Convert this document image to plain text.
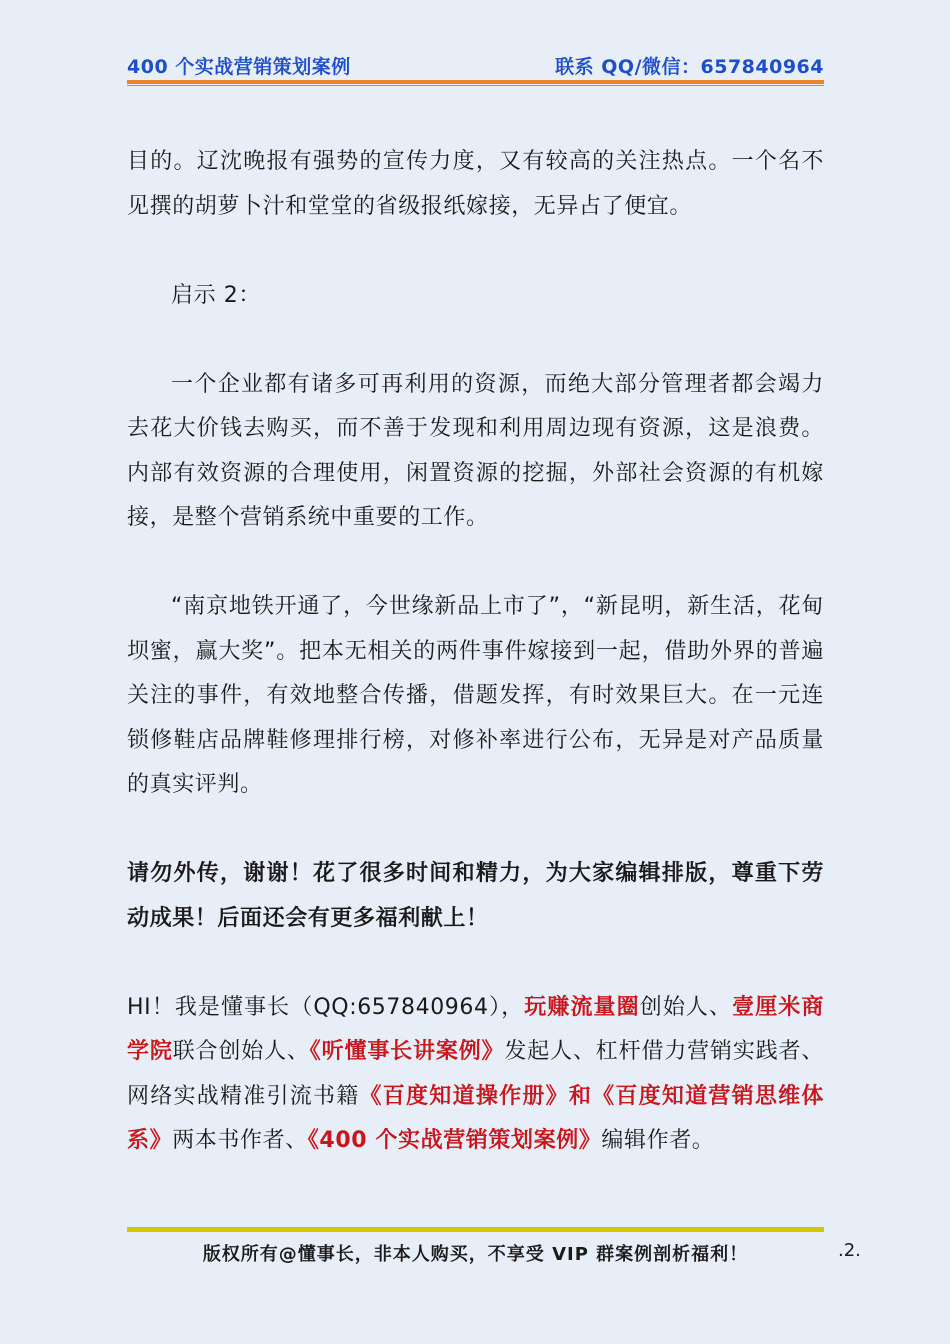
400 个实战营销策划案例	联系 QQ/微信：657840964

目的。辽沈晚报有强势的宣传力度，又有较高的关注热点。一个名不见撰的胡萝卜汁和堂堂的省级报纸嫁接，无异占了便宜。

启示 2：

一个企业都有诸多可再利用的资源，而绝大部分管理者都会竭力去花大价钱去购买，而不善于发现和利用周边现有资源，这是浪费。内部有效资源的合理使用，闲置资源的挖掘，外部社会资源的有机嫁接，是整个营销系统中重要的工作。

“南京地铁开通了，今世缘新品上市了”，“新昆明，新生活，花甸坝蜜，赢大奖”。把本无相关的两件事件嫁接到一起，借助外界的普遍关注的事件，有效地整合传播，借题发挥，有时效果巨大。在一元连锁修鞋店品牌鞋修理排行榜，对修补率进行公布，无异是对产品质量的真实评判。

请勿外传，谢谢！花了很多时间和精力，为大家编辑排版，尊重下劳动成果！后面还会有更多福利献上！

HI！我是懂事长（QQ:657840964），玩赚流量圈创始人、壹厘米商学院联合创始人、《听懂事长讲案例》发起人、杠杆借力营销实践者、网络实战精准引流书籍《百度知道操作册》和《百度知道营销思维体系》两本书作者、《400 个实战营销策划案例》编辑作者。

版权所有@懂事长，非本人购买，不享受 VIP 群案例剖析福利！	.2.
